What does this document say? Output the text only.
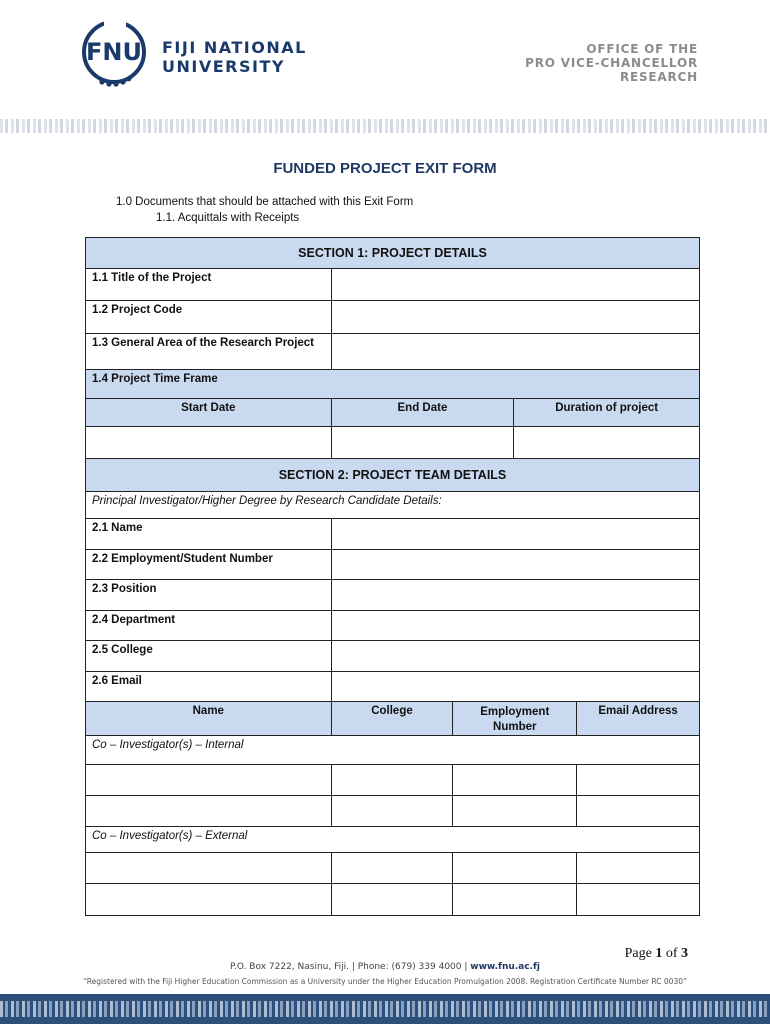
FNU FIJI NATIONAL
UNIVERSITY
OFFICE OF THE
PRO VICE-CHANCELLOR
RESEARCH
FUNDED PROJECT EXIT FORM
1.0 Documents that should be attached with this Exit Form
1.1. Acquittals with Receipts
SECTION 1: PROJECT DETAILS				
1.1 Title of the Project				
1.2 Project Code				
1.3 General Area of the Research Project				
1.4 Project Time Frame				
Start Date	End Date		Duration of project	

SECTION 2: PROJECT TEAM DETAILS				
Principal Investigator/Higher Degree by Research Candidate Details:				
2.1 Name				
2.2 Employment/Student Number				
2.3 Position				
2.4 Department				
2.5 College				
2.6 Email				
Name	College	Employment Number		Email Address
Co – Investigator(s) – Internal				

Co – Investigator(s) – External				

Page 1 of 3
P.O. Box 7222, Nasinu, Fiji. | Phone: (679) 339 4000 | www.fnu.ac.fj
“Registered with the Fiji Higher Education Commission as a University under the Higher Education Promulgation 2008. Registration Certificate Number RC 0030”
